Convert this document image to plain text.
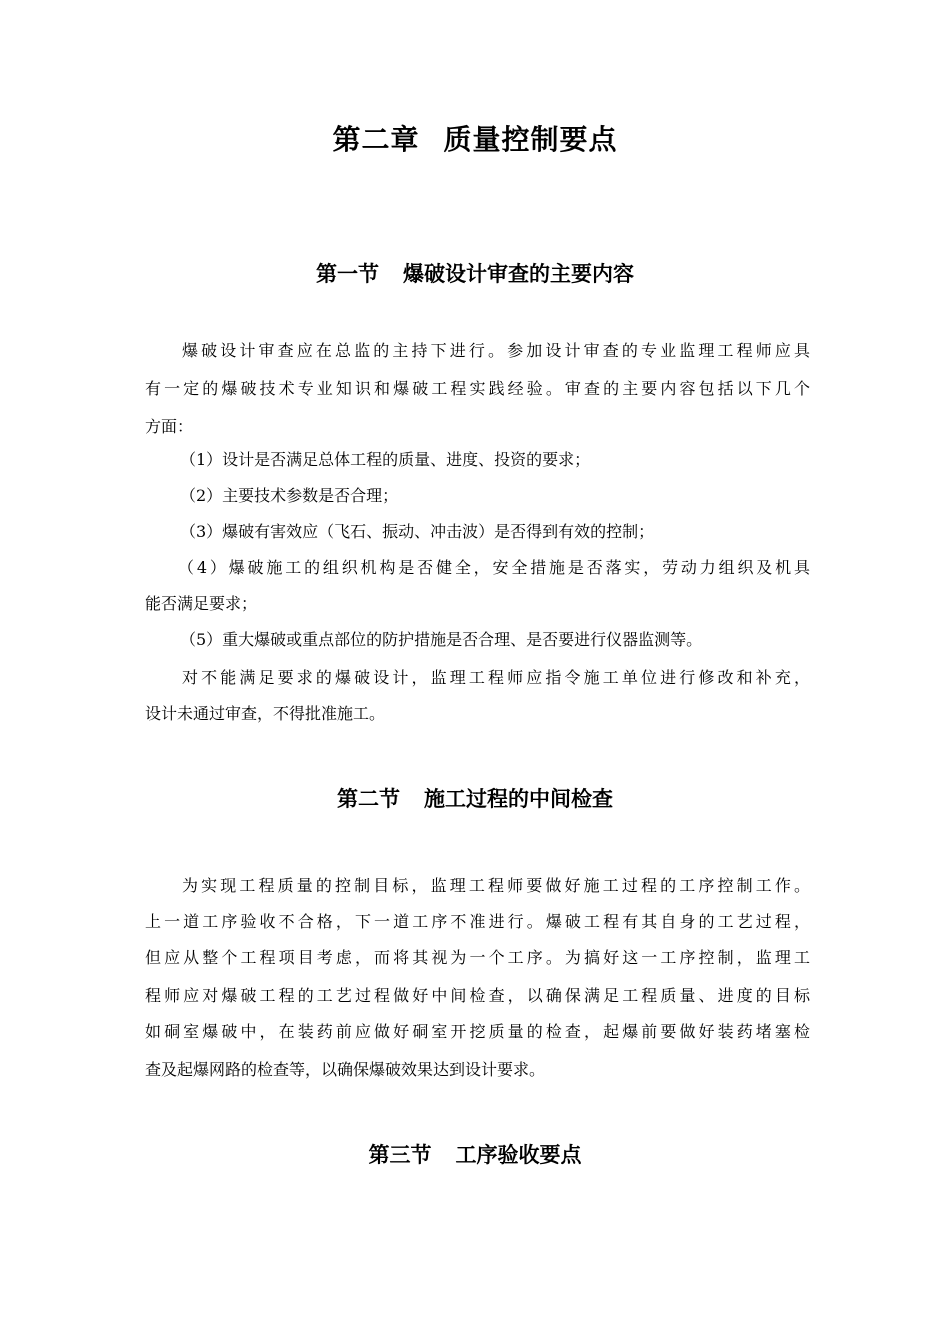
第二章 质量控制要点
第一节 爆破设计审查的主要内容
爆破设计审查应在总监的主持下进行。参加设计审查的专业监理工程师应具
有一定的爆破技术专业知识和爆破工程实践经验。审查的主要内容包括以下几个
方面：
（1）设计是否满足总体工程的质量、进度、投资的要求；
（2）主要技术参数是否合理；
（3）爆破有害效应（飞石、振动、冲击波）是否得到有效的控制；
（4）爆破施工的组织机构是否健全，安全措施是否落实，劳动力组织及机具
能否满足要求；
（5）重大爆破或重点部位的防护措施是否合理、是否要进行仪器监测等。
对不能满足要求的爆破设计，监理工程师应指令施工单位进行修改和补充，
设计未通过审查，不得批准施工。
第二节 施工过程的中间检查
为实现工程质量的控制目标，监理工程师要做好施工过程的工序控制工作。
上一道工序验收不合格，下一道工序不准进行。爆破工程有其自身的工艺过程，
但应从整个工程项目考虑，而将其视为一个工序。为搞好这一工序控制，监理工
程师应对爆破工程的工艺过程做好中间检查，以确保满足工程质量、进度的目标
如硐室爆破中，在装药前应做好硐室开挖质量的检查，起爆前要做好装药堵塞检
查及起爆网路的检查等，以确保爆破效果达到设计要求。
第三节 工序验收要点
